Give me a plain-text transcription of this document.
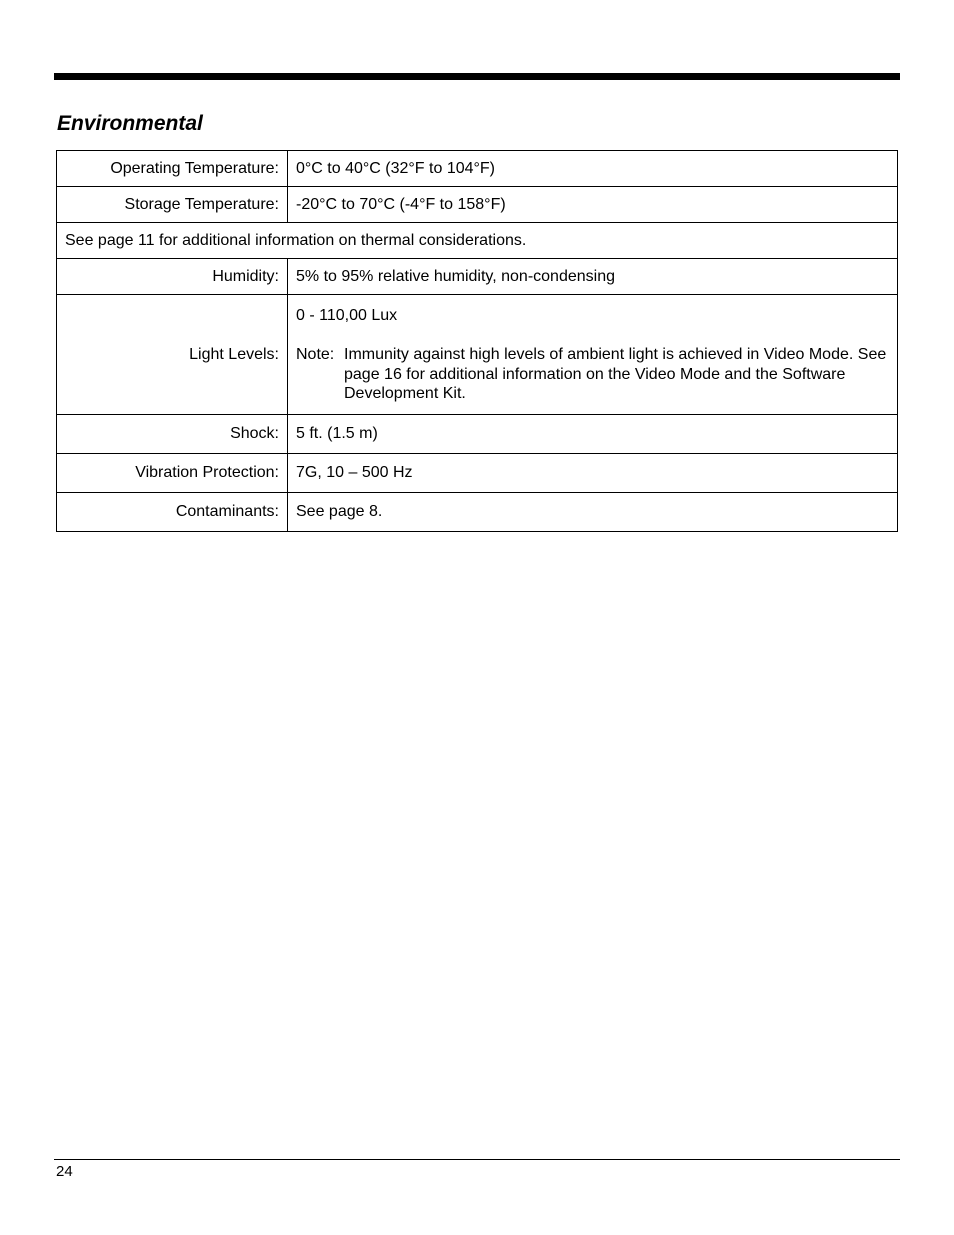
Environmental
Operating Temperature:	0°C to 40°C (32°F to 104°F)
Storage Temperature:	-20°C to 70°C (-4°F to 158°F)
See page 11 for additional information on thermal considerations.	
Humidity:	5% to 95% relative humidity, non-condensing
Light Levels:	0 - 110,00 Lux
Note: Immunity against high levels of ambient light is achieved in Video Mode. See page 16 for additional information on the Video Mode and the Software Development Kit.

Shock:	5 ft. (1.5 m)
Vibration Protection:	7G, 10 – 500 Hz
Contaminants:	See page 8.
24
